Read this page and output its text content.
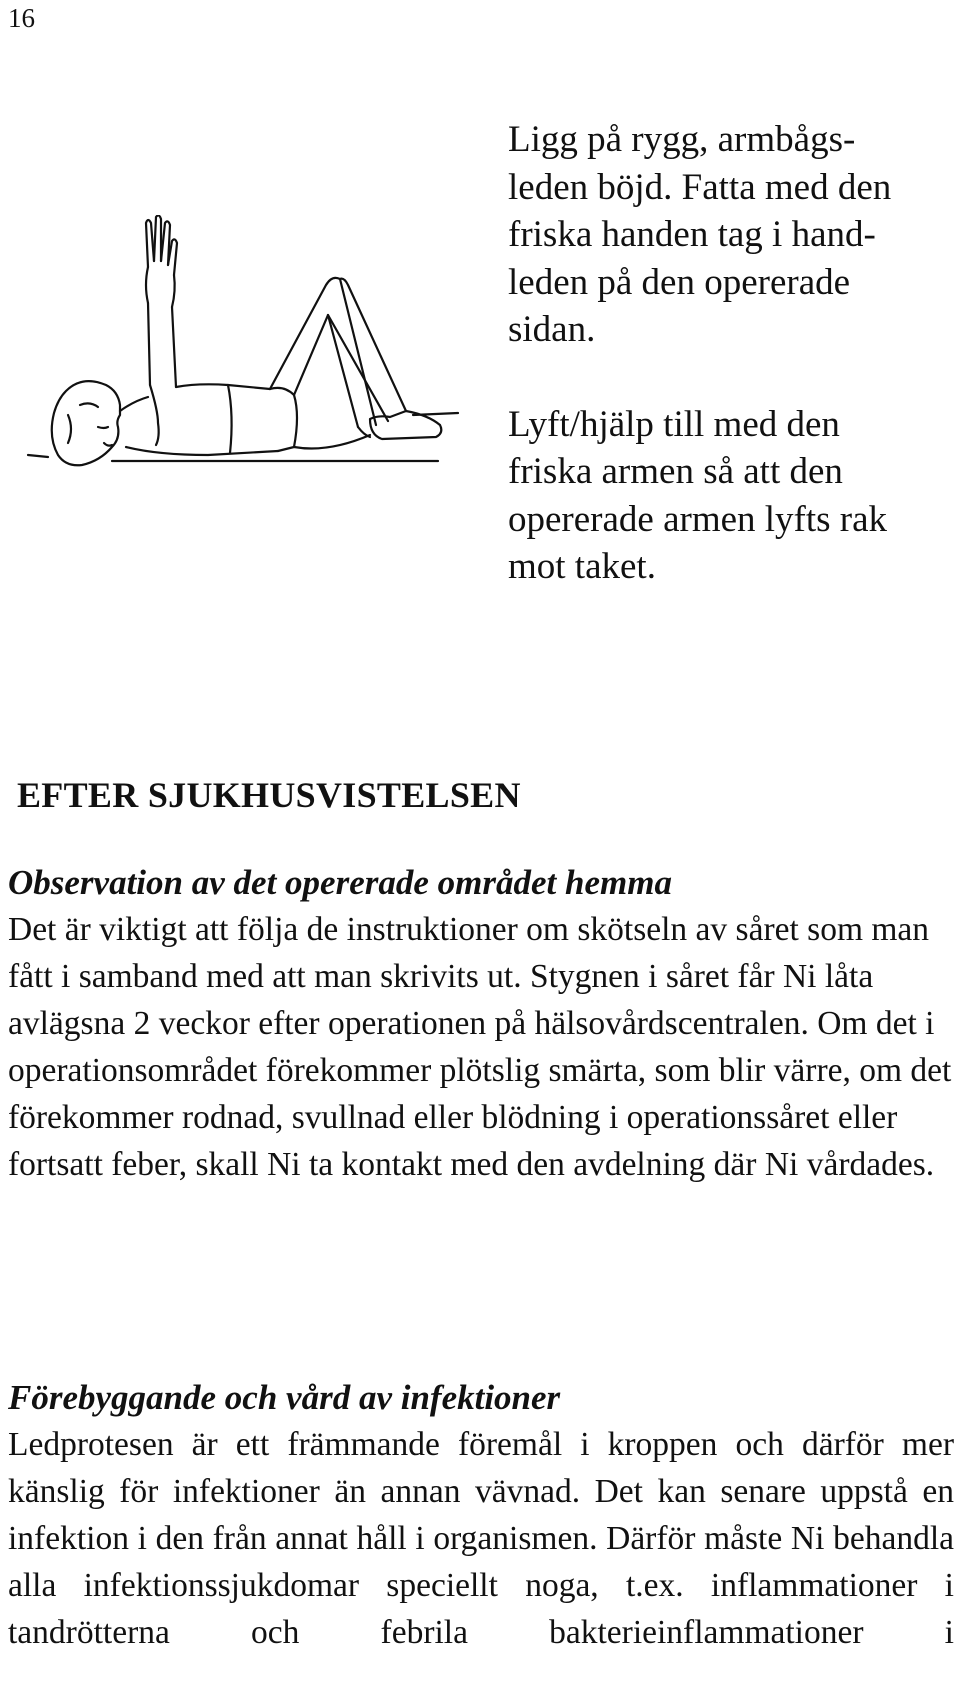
16

Ligg på rygg, armbågs-
leden böjd. Fatta med den
friska handen tag i hand-
leden på den opererade
sidan.

Lyft/hjälp till med den
friska armen så att den
opererade armen lyfts rak
mot taket.

EFTER SJUKHUSVISTELSEN
Observation av det opererade området hemma

Det är viktigt att följa de instruktioner om skötseln av såret som man fått i samband med att man skrivits ut. Stygnen i såret får Ni låta avlägsna 2 veckor efter operationen på hälsovårdscentralen. Om det i operationsområdet förekommer plötslig smärta, som blir värre, om det förekommer rodnad, svullnad eller blödning i operationssåret eller fortsatt feber, skall Ni ta kontakt med den avdelning där Ni vårdades.

Förebyggande och vård av infektioner

Ledprotesen är ett främmande föremål i kroppen och därför mer känslig för infektioner än annan vävnad. Det kan senare uppstå en infektion i den från annat håll i organismen. Därför måste Ni behandla alla infektionssjukdomar speciellt noga, t.ex. inflammationer i tandrötterna och febrila bakterieinflammationer i
